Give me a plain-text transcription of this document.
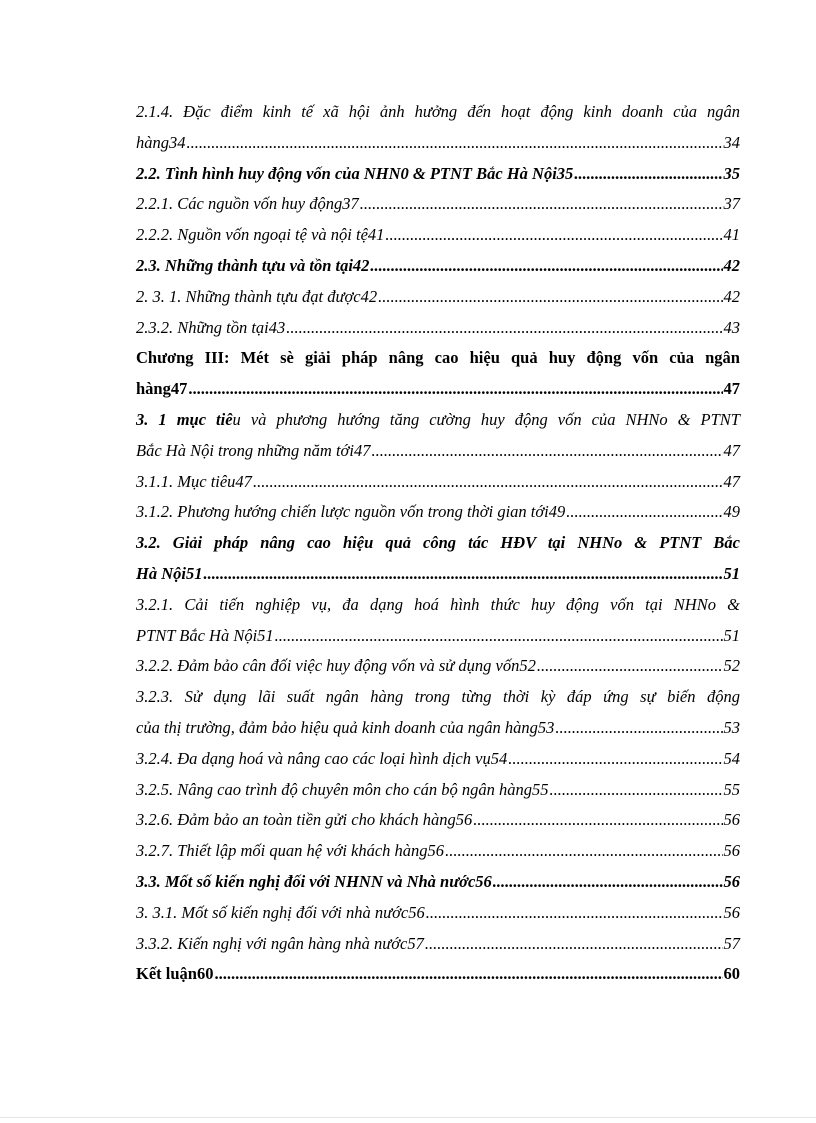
2.1.4. Đặc điểm kinh tế xã hội ảnh hưởng đến hoạt động kinh doanh của ngân
hàng34 .....	34
2.2. Tình hình huy động vốn của NHN0 & PTNT Bắc Hà Nội35 .....	35
2.2.1. Các nguồn vốn huy động37 .....	37
2.2.2. Nguồn vốn ngoại tệ và nội tệ41 .....	41
2.3. Những thành tựu và tồn tại42 .....	42
2. 3. 1. Những thành tựu đạt được42 .....	42
2.3.2. Những tồn tại43 .....	43
Chương III: Mét sè giải pháp nâng cao hiệu quả huy động vốn của ngân
hàng47 .....	47
3. 1 mục tiêu và phương hướng tăng cường huy động vốn của NHNo & PTNT
Bắc Hà Nội trong những năm tới47 .....	47
3.1.1. Mục tiêu47 .....	47
3.1.2. Phương hướng chiến lược nguồn vốn trong thời gian tới49 .....	49
3.2. Giải pháp nâng cao hiệu quả công tác HĐV tại NHNo & PTNT Bắc
Hà Nội51 .....	51
3.2.1. Cải tiến nghiệp vụ, đa dạng hoá hình thức huy động vốn tại NHNo &
PTNT Bắc Hà Nội51 .....	51
3.2.2. Đảm bảo cân đối việc huy động vốn và sử dụng vốn52 .....	52
3.2.3. Sử dụng lãi suất ngân hàng trong từng thời kỳ đáp ứng sự biến động
của thị trường, đảm bảo hiệu quả kinh doanh của ngân hàng53 .....	53
3.2.4. Đa dạng hoá và nâng cao các loại hình dịch vụ54 .....	54
3.2.5. Nâng cao trình độ chuyên môn cho cán bộ ngân hàng55 .....	55
3.2.6. Đảm bảo an toàn tiền gửi cho khách hàng56 .....	56
3.2.7. Thiết lập mối quan hệ với khách hàng56 .....	56
3.3. Mốt số kiến nghị đối với NHNN và Nhà nước56 .....	56
3. 3.1. Mốt số kiến nghị đối với nhà nước56 .....	56
3.3.2. Kiến nghị với ngân hàng nhà nước57 .....	57
Kết luận60 .....	60
